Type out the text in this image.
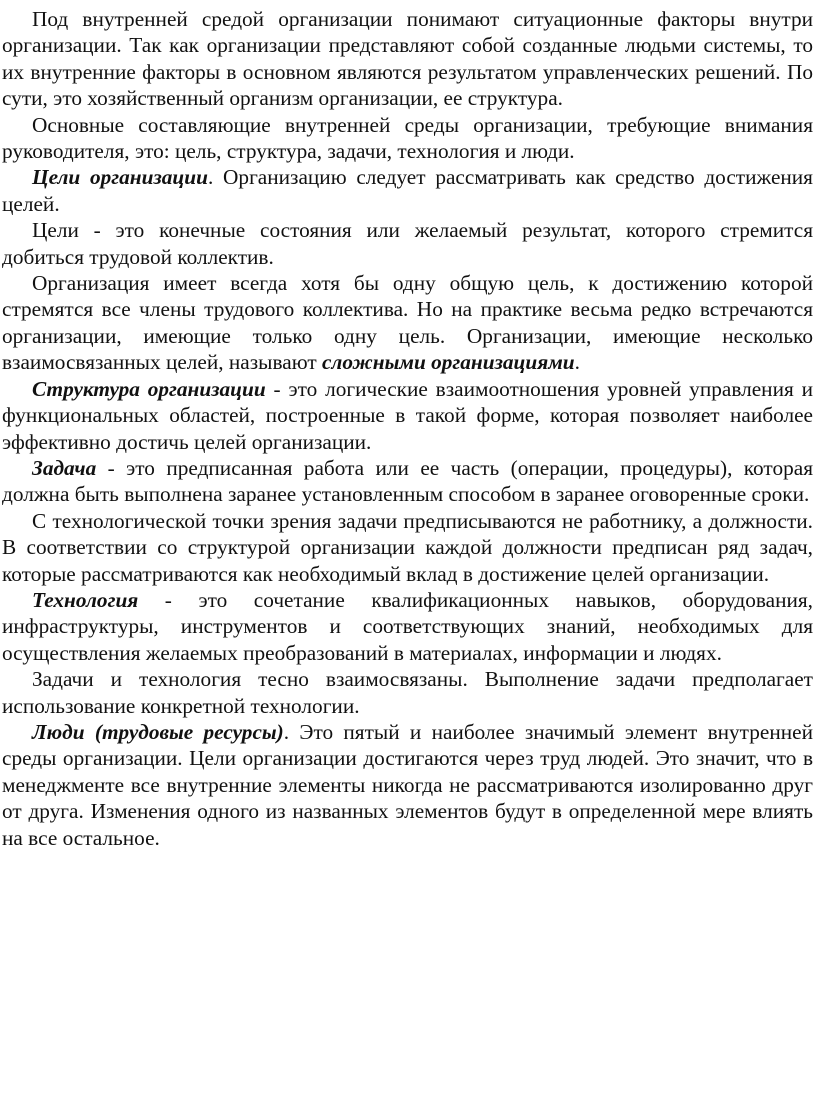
Под внутренней средой организации понимают ситуационные факторы внутри организации. Так как организации представляют собой созданные людьми системы, то их внутренние факторы в основном являются результатом управленческих решений. По сути, это хозяйственный организм организации, ее структура.

Основные составляющие внутренней среды организации, требующие внимания руководителя, это: цель, структура, задачи, технология и люди.

Цели организации. Организацию следует рассматривать как средство достижения целей.

Цели - это конечные состояния или желаемый результат, которого стремится добиться трудовой коллектив.

Организация имеет всегда хотя бы одну общую цель, к достижению которой стремятся все члены трудового коллектива. Но на практике весьма редко встречаются организации, имеющие только одну цель. Организации, имеющие несколько взаимосвязанных целей, называют сложными организациями.

Структура организации - это логические взаимоотношения уровней управления и функциональных областей, построенные в такой форме, которая позволяет наиболее эффективно достичь целей организации.

Задача - это предписанная работа или ее часть (операции, процедуры), которая должна быть выполнена заранее установленным способом в заранее оговоренные сроки.

С технологической точки зрения задачи предписываются не работнику, а должности. В соответствии со структурой организации каждой должности предписан ряд задач, которые рассматриваются как необходимый вклад в достижение целей организации.

Технология - это сочетание квалификационных навыков, оборудования, инфраструктуры, инструментов и соответствующих знаний, необходимых для осуществления желаемых преобразований в материалах, информации и людях.

Задачи и технология тесно взаимосвязаны. Выполнение задачи предполагает использование конкретной технологии.

Люди (трудовые ресурсы). Это пятый и наиболее значимый элемент внутренней среды организации. Цели организации достигаются через труд людей. Это значит, что в менеджменте все внутренние элементы никогда не рассматриваются изолированно друг от друга. Изменения одного из названных элементов будут в определенной мере влиять на все остальное.
